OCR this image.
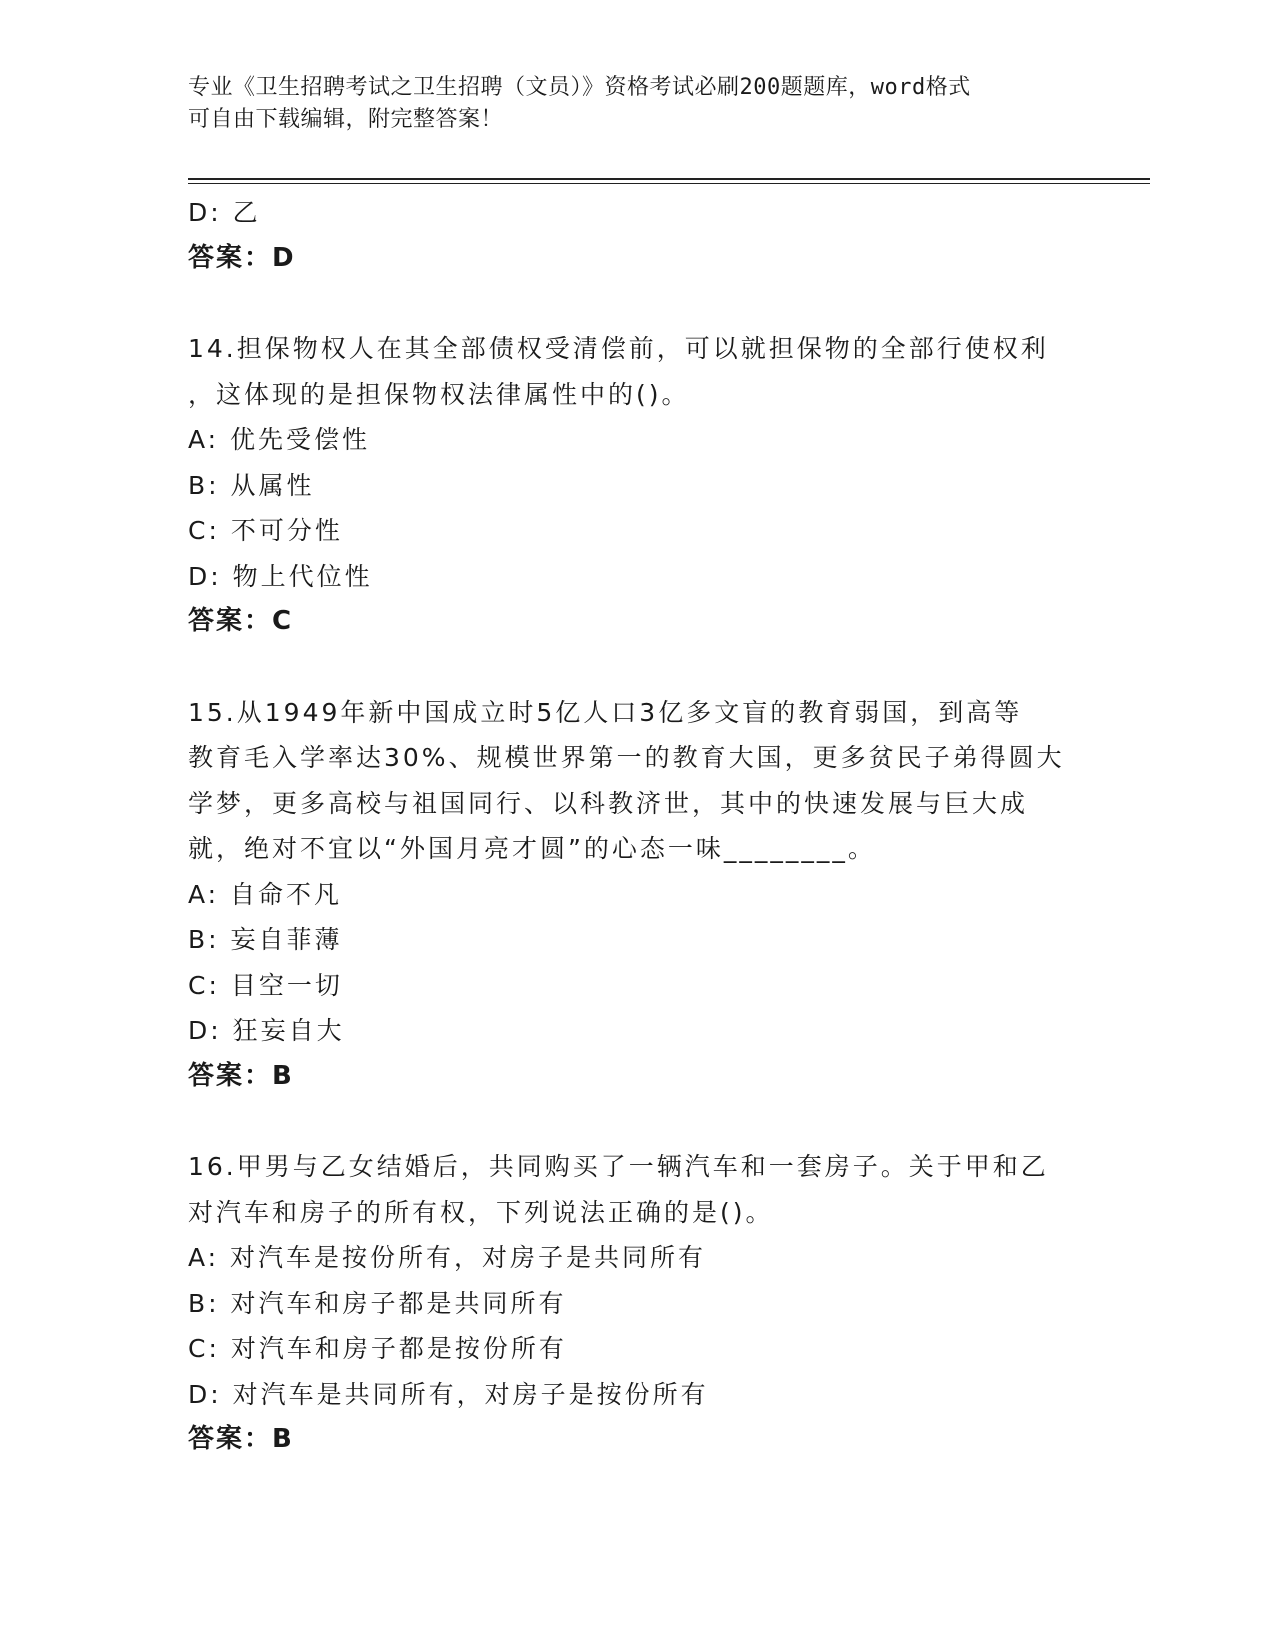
专业《卫生招聘考试之卫生招聘（文员）》资格考试必刷200题题库，word格式
可自由下载编辑，附完整答案！
D: 乙
答案：D
14.担保物权人在其全部债权受清偿前，可以就担保物的全部行使权利
，这体现的是担保物权法律属性中的()。
A: 优先受偿性
B: 从属性
C: 不可分性
D: 物上代位性
答案：C
15.从1949年新中国成立时5亿人口3亿多文盲的教育弱国，到高等
教育毛入学率达30%、规模世界第一的教育大国，更多贫民子弟得圆大
学梦，更多高校与祖国同行、以科教济世，其中的快速发展与巨大成
就，绝对不宜以“外国月亮才圆”的心态一味________。
A: 自命不凡
B: 妄自菲薄
C: 目空一切
D: 狂妄自大
答案：B
16.甲男与乙女结婚后，共同购买了一辆汽车和一套房子。关于甲和乙
对汽车和房子的所有权，下列说法正确的是()。
A: 对汽车是按份所有，对房子是共同所有
B: 对汽车和房子都是共同所有
C: 对汽车和房子都是按份所有
D: 对汽车是共同所有，对房子是按份所有
答案：B
